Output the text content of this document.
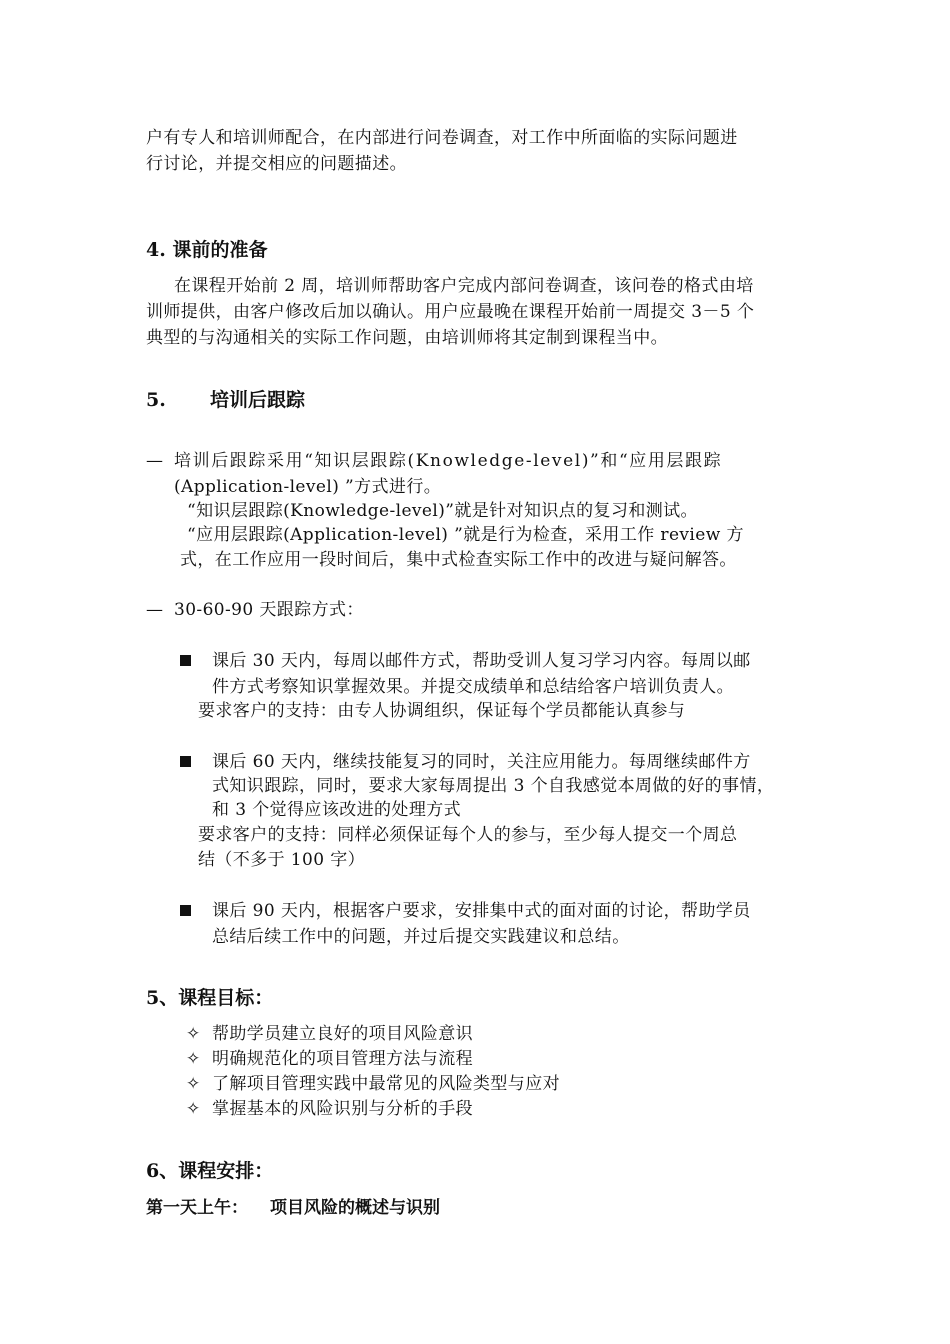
户有专人和培训师配合，在内部进行问卷调查，对工作中所面临的实际问题进
行讨论，并提交相应的问题描述。
4. 课前的准备
在课程开始前 2 周，培训师帮助客户完成内部问卷调查，该问卷的格式由培
训师提供，由客户修改后加以确认。用户应最晚在课程开始前一周提交 3－5 个
典型的与沟通相关的实际工作问题，由培训师将其定制到课程当中。
5. 培训后跟踪
— 培训后跟踪采用“知识层跟踪(Knowledge-level)”和“应用层跟踪
(Application-level) ”方式进行。
“知识层跟踪(Knowledge-level)”就是针对知识点的复习和测试。
“应用层跟踪(Application-level) ”就是行为检查，采用工作 review 方
式，在工作应用一段时间后，集中式检查实际工作中的改进与疑问解答。
— 30-60-90 天跟踪方式：
课后 30 天内，每周以邮件方式，帮助受训人复习学习内容。每周以邮
件方式考察知识掌握效果。并提交成绩单和总结给客户培训负责人。
要求客户的支持：由专人协调组织，保证每个学员都能认真参与
课后 60 天内，继续技能复习的同时，关注应用能力。每周继续邮件方
式知识跟踪，同时，要求大家每周提出 3 个自我感觉本周做的好的事情，
和 3 个觉得应该改进的处理方式
要求客户的支持：同样必须保证每个人的参与，至少每人提交一个周总
结（不多于 100 字）
课后 90 天内，根据客户要求，安排集中式的面对面的讨论，帮助学员
总结后续工作中的问题，并过后提交实践建议和总结。
5、课程目标：
✧ 帮助学员建立良好的项目风险意识
✧ 明确规范化的项目管理方法与流程
✧ 了解项目管理实践中最常见的风险类型与应对
✧ 掌握基本的风险识别与分析的手段
6、课程安排：
第一天上午： 项目风险的概述与识别
